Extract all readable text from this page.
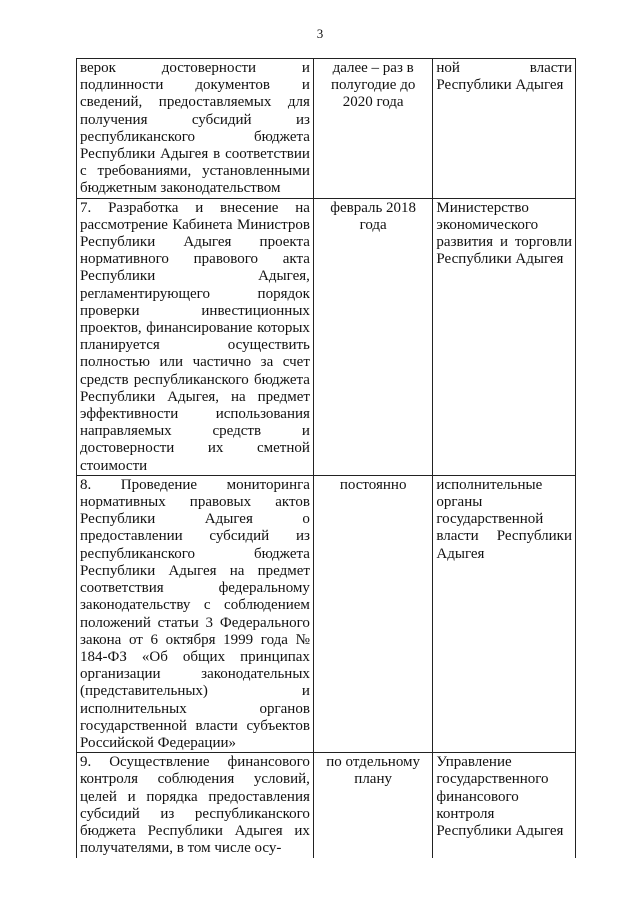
3
верок достоверности и подлинности документов и сведений, предоставляемых для получения субсидий из республиканского бюджета Республики Адыгея в соответствии с требованиями, установленными бюджетным законодательством	далее – раз в полугодие до 2020 года	ной власти Республики Адыгея
7. Разработка и внесение на рассмотрение Кабинета Министров Республики Адыгея проекта нормативного правового акта Республики Адыгея, регламентирующего порядок проверки инвестиционных проектов, финансирование которых планируется осуществить полностью или частично за счет средств республиканского бюджета Республики Адыгея, на предмет эффективности использования направляемых средств и достоверности их сметной стоимости	февраль 2018 года	Министерство экономического развития и торговли Республики Адыгея
8. Проведение мониторинга нормативных правовых актов Республики Адыгея о предоставлении субсидий из республиканского бюджета Республики Адыгея на предмет соответствия федеральному законодательству с соблюдением положений статьи 3 Федерального закона от 6 октября 1999 года № 184-ФЗ «Об общих принципах организации законодательных (представительных) и исполнительных органов государственной власти субъектов Российской Федерации»	постоянно	исполнительные органы государственной власти Республики Адыгея
9. Осуществление финансового контроля соблюдения условий, целей и порядка предоставления субсидий из республиканского бюджета Республики Адыгея их получателями, в том числе осу-	по отдельному плану	Управление государственного финансового контроля Республики Адыгея
